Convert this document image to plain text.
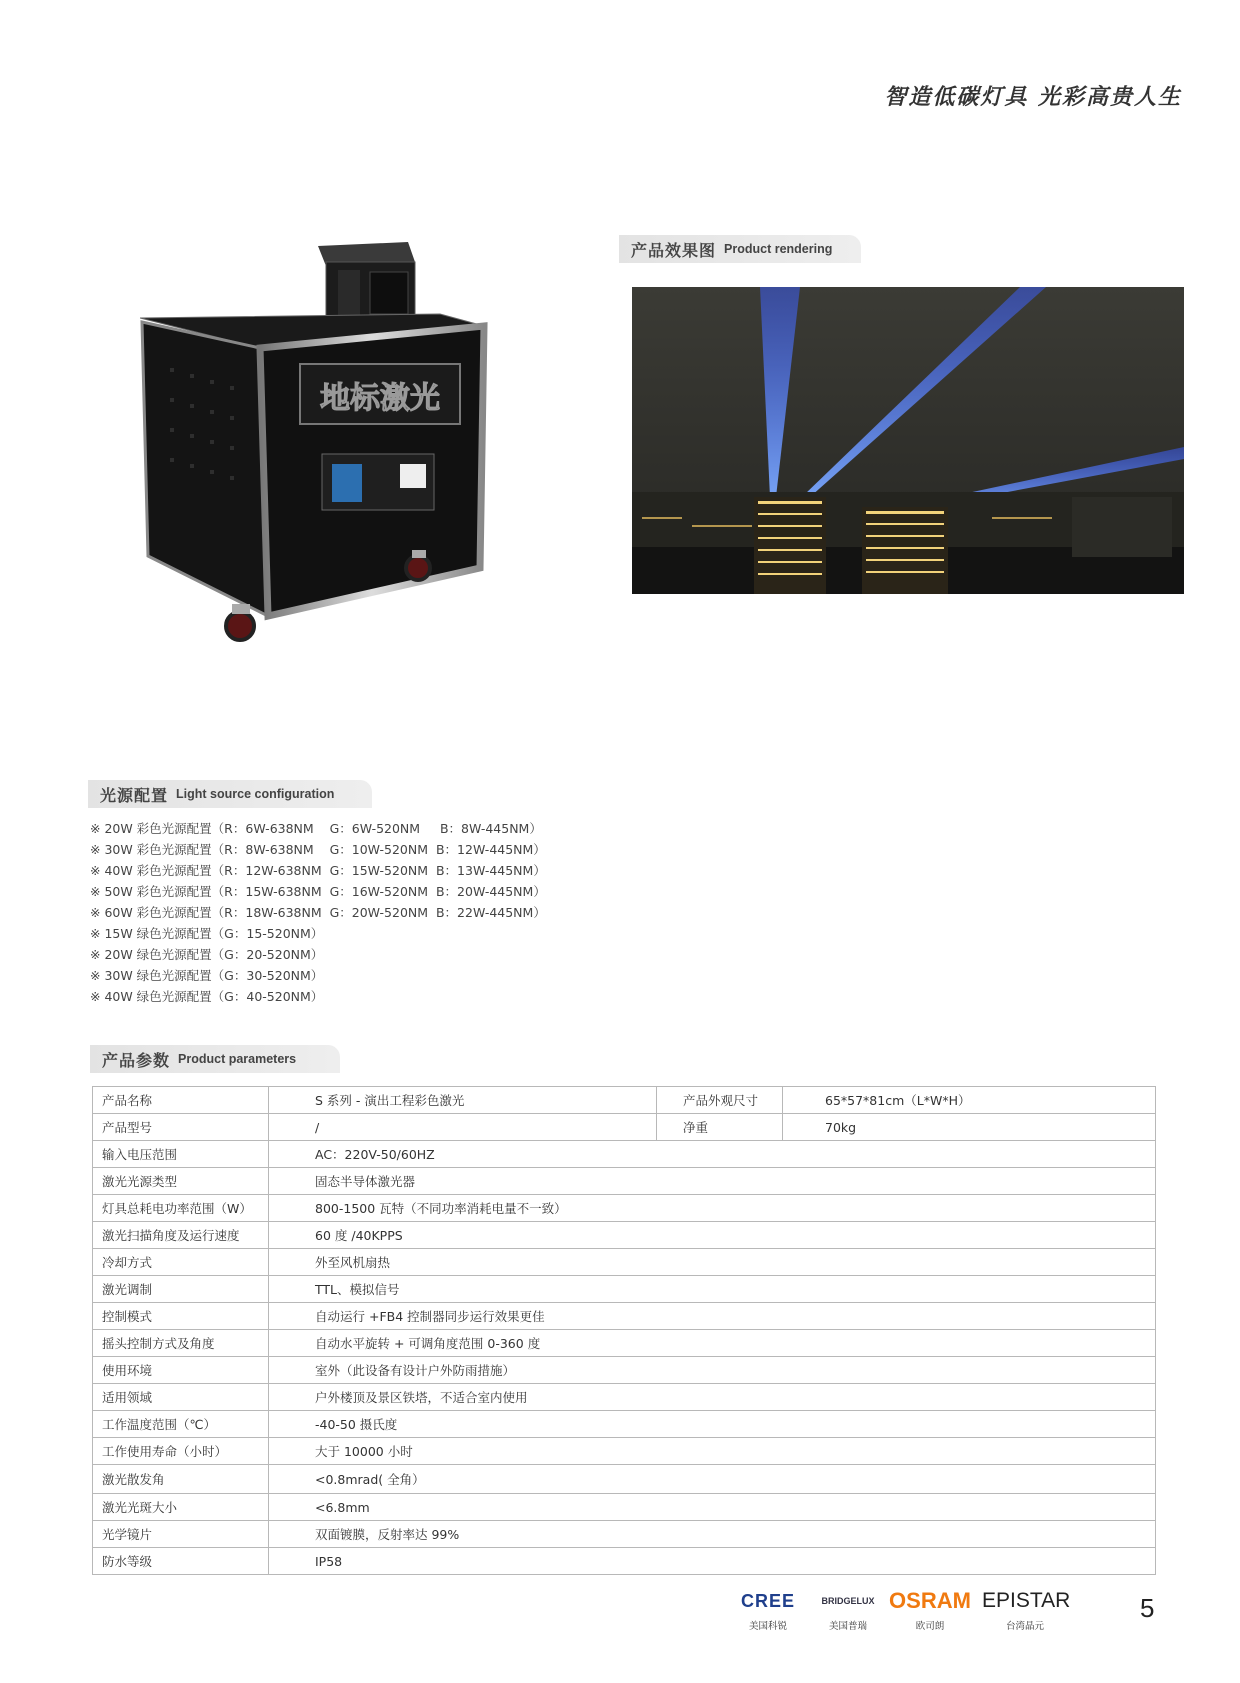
智造低碳灯具 光彩高贵人生
地标激光
产品效果图 Product rendering
光源配置 Light source configuration
※ 20W 彩色光源配置（R：6W-638NM    G：6W-520NM     B：8W-445NM）
※ 30W 彩色光源配置（R：8W-638NM    G：10W-520NM  B：12W-445NM）
※ 40W 彩色光源配置（R：12W-638NM  G：15W-520NM  B：13W-445NM）
※ 50W 彩色光源配置（R：15W-638NM  G：16W-520NM  B：20W-445NM）
※ 60W 彩色光源配置（R：18W-638NM  G：20W-520NM  B：22W-445NM）
※ 15W 绿色光源配置（G：15-520NM）
※ 20W 绿色光源配置（G：20-520NM）
※ 30W 绿色光源配置（G：30-520NM）
※ 40W 绿色光源配置（G：40-520NM）
产品参数 Product parameters
产品名称	S 系列 - 演出工程彩色激光	产品外观尺寸	65*57*81cm（L*W*H）
产品型号	/	净重	70kg
输入电压范围	AC：220V-50/60HZ		
激光光源类型	固态半导体激光器		
灯具总耗电功率范围（W）	800-1500 瓦特（不同功率消耗电量不一致）		
激光扫描角度及运行速度	60 度 /40KPPS		
冷却方式	外至风机扇热		
激光调制	TTL、模拟信号		
控制模式	自动运行 +FB4 控制器同步运行效果更佳		
摇头控制方式及角度	自动水平旋转 + 可调角度范围 0-360 度		
使用环境	室外（此设备有设计户外防雨措施）		
适用领域	户外楼顶及景区铁塔，不适合室内使用		
工作温度范围（℃）	-40-50 摄氏度		
工作使用寿命（小时）	大于 10000 小时		
激光散发角	<0.8mrad( 全角）		
激光光斑大小	<6.8mm		
光学镜片	双面镀膜，反射率达 99%		
防水等级	IP58		
CREE
美国科锐
BRIDGELUX
美国普瑞
OSRAM
欧司朗
EPISTAR
台湾晶元
5
